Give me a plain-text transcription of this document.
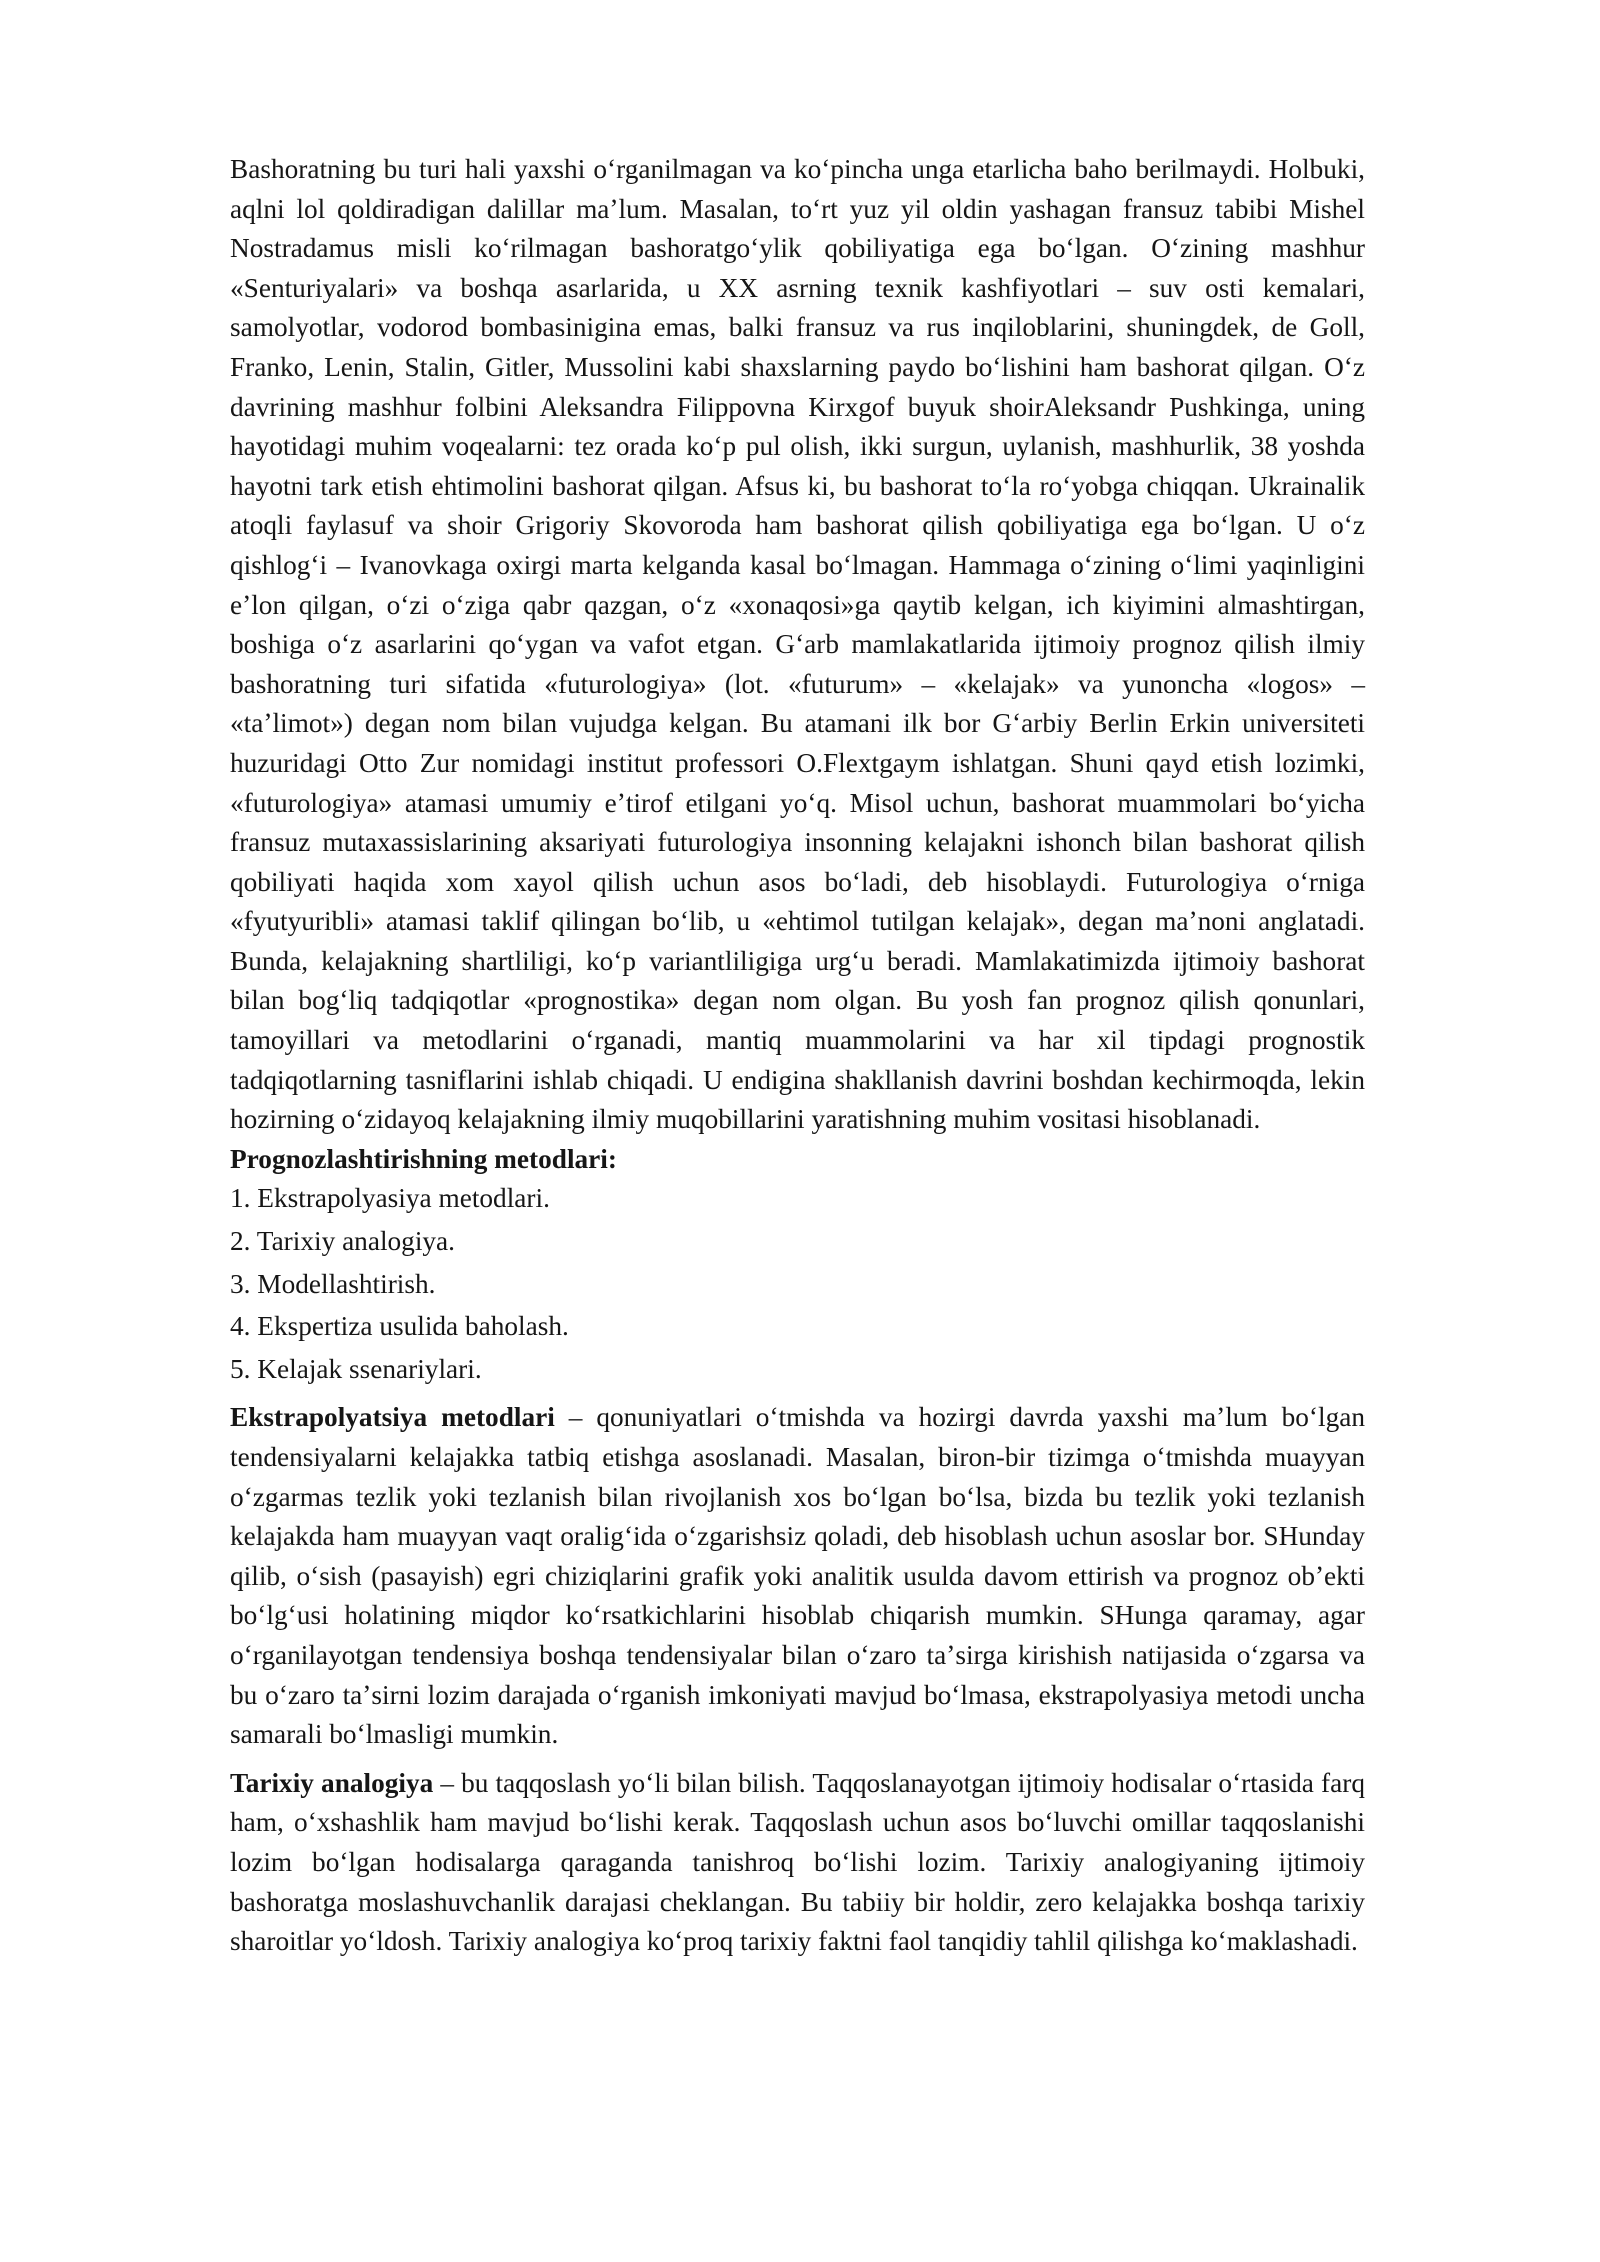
Bashoratning bu turi hali yaxshi oʻrganilmagan va koʻpincha unga etarlicha baho berilmaydi. Holbuki, aqlni lol qoldiradigan dalillar maʼlum. Masalan, toʻrt yuz yil oldin yashagan fransuz tabibi Mishel Nostradamus misli koʻrilmagan bashoratgoʻylik qobiliyatiga ega boʻlgan. Oʻzining mashhur «Senturiyalari» va boshqa asarlarida, u XX asrning texnik kashfiyotlari – suv osti kemalari, samolyotlar, vodorod bombasinigina emas, balki fransuz va rus inqiloblarini, shuningdek, de Goll, Franko, Lenin, Stalin, Gitler, Mussolini kabi shaxslarning paydo boʻlishini ham bashorat qilgan. Oʻz davrining mashhur folbini Aleksandra Filippovna Kirxgof buyuk shoirAleksandr Pushkinga, uning hayotidagi muhim voqealarni: tez orada koʻp pul olish, ikki surgun, uylanish, mashhurlik, 38 yoshda hayotni tark etish ehtimolini bashorat qilgan. Afsus ki, bu bashorat toʻla roʻyobga chiqqan. Ukrainalik atoqli faylasuf va shoir Grigoriy Skovoroda ham bashorat qilish qobiliyatiga ega boʻlgan. U oʻz qishlogʻi – Ivanovkaga oxirgi marta kelganda kasal boʻlmagan. Hammaga oʻzining oʻlimi yaqinligini eʼlon qilgan, oʻzi oʻziga qabr qazgan, oʻz «xonaqosi»ga qaytib kelgan, ich kiyimini almashtirgan, boshiga oʻz asarlarini qoʻygan va vafot etgan. Gʻarb mamlakatlarida ijtimoiy prognoz qilish ilmiy bashoratning turi sifatida «futurologiya» (lot. «futurum» – «kelajak» va yunoncha «logos» – «taʼlimot») degan nom bilan vujudga kelgan. Bu atamani ilk bor Gʻarbiy Berlin Erkin universiteti huzuridagi Otto Zur nomidagi institut professori O.Flextgaym ishlatgan. Shuni qayd etish lozimki, «futurologiya» atamasi umumiy eʼtirof etilgani yoʻq. Misol uchun, bashorat muammolari boʻyicha fransuz mutaxassislarining aksariyati futurologiya insonning kelajakni ishonch bilan bashorat qilish qobiliyati haqida xom xayol qilish uchun asos boʻladi, deb hisoblaydi. Futurologiya oʻrniga «fyutyuribli» atamasi taklif qilingan boʻlib, u «ehtimol tutilgan kelajak», degan maʼnoni anglatadi. Bunda, kelajakning shartliligi, koʻp variantliligiga urgʻu beradi. Mamlakatimizda ijtimoiy bashorat bilan bogʻliq tadqiqotlar «prognostika» degan nom olgan. Bu yosh fan prognoz qilish qonunlari, tamoyillari va metodlarini oʻrganadi, mantiq muammolarini va har xil tipdagi prognostik tadqiqotlarning tasniflarini ishlab chiqadi. U endigina shakllanish davrini boshdan kechirmoqda, lekin hozirning oʻzidayoq kelajakning ilmiy muqobillarini yaratishning muhim vositasi hisoblanadi.

Prognozlashtirishning metodlari:

1. Ekstrapolyasiya metodlari.
2. Tarixiy analogiya.
3. Modellashtirish.
4. Ekspertiza usulida baholash.
5. Kelajak ssenariylari.

Ekstrapolyatsiya metodlari – qonuniyatlari oʻtmishda va hozirgi davrda yaxshi maʼlum boʻlgan tendensiyalarni kelajakka tatbiq etishga asoslanadi. Masalan, biron-bir tizimga oʻtmishda muayyan oʻzgarmas tezlik yoki tezlanish bilan rivojlanish xos boʻlgan boʻlsa, bizda bu tezlik yoki tezlanish kelajakda ham muayyan vaqt oraligʻida oʻzgarishsiz qoladi, deb hisoblash uchun asoslar bor. SHunday qilib, oʻsish (pasayish) egri chiziqlarini grafik yoki analitik usulda davom ettirish va prognoz obʼekti boʻlgʻusi holatining miqdor koʻrsatkichlarini hisoblab chiqarish mumkin. SHunga qaramay, agar oʻrganilayotgan tendensiya boshqa tendensiyalar bilan oʻzaro taʼsirga kirishish natijasida oʻzgarsa va bu oʻzaro taʼsirni lozim darajada oʻrganish imkoniyati mavjud boʻlmasa, ekstrapolyasiya metodi uncha samarali boʻlmasligi mumkin.

Tarixiy analogiya – bu taqqoslash yoʻli bilan bilish. Taqqoslanayotgan ijtimoiy hodisalar oʻrtasida farq ham, oʻxshashlik ham mavjud boʻlishi kerak. Taqqoslash uchun asos boʻluvchi omillar taqqoslanishi lozim boʻlgan hodisalarga qaraganda tanishroq boʻlishi lozim. Tarixiy analogiyaning ijtimoiy bashoratga moslashuvchanlik darajasi cheklangan. Bu tabiiy bir holdir, zero kelajakka boshqa tarixiy sharoitlar yoʻldosh. Tarixiy analogiya koʻproq tarixiy faktni faol tanqidiy tahlil qilishga koʻmaklashadi.
